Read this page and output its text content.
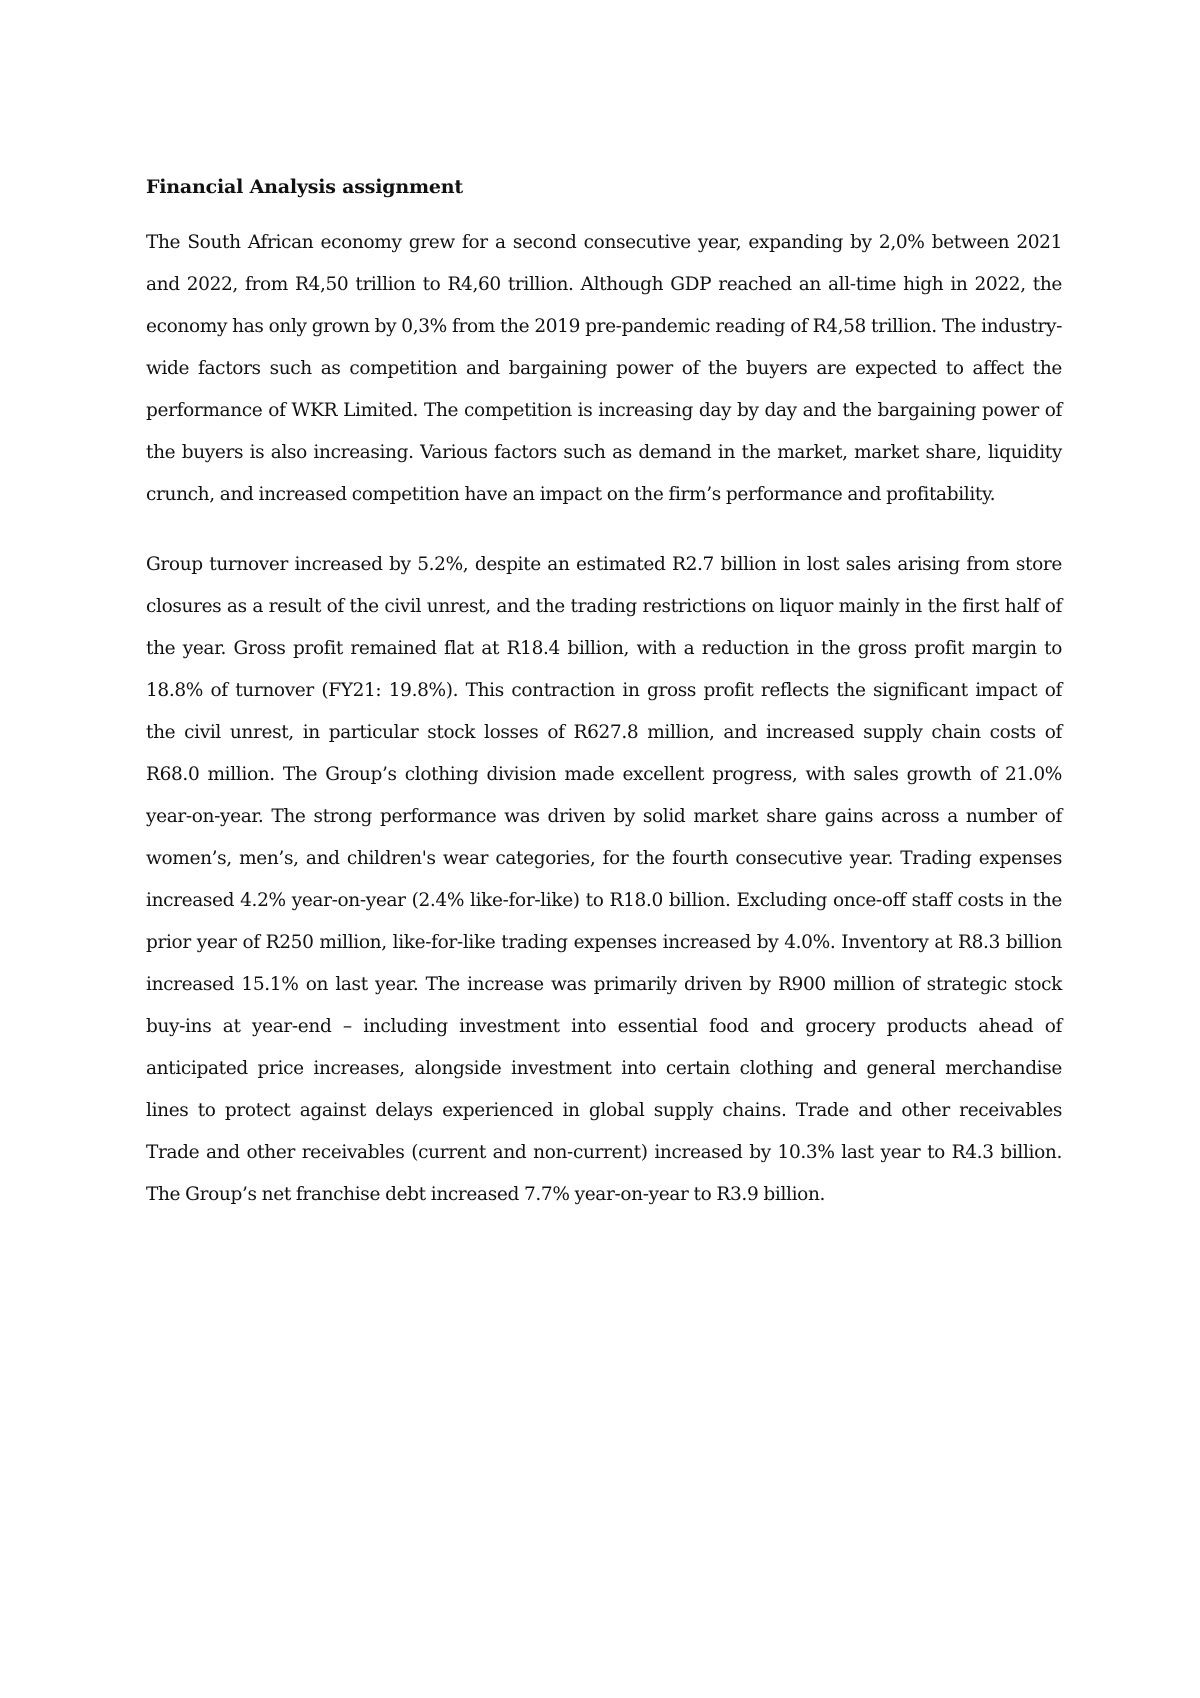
Financial Analysis assignment

The South African economy grew for a second consecutive year, expanding by 2,0% between 2021 and 2022, from R4,50 trillion to R4,60 trillion. Although GDP reached an all-time high in 2022, the economy has only grown by 0,3% from the 2019 pre-pandemic reading of R4,58 trillion. The industry-wide factors such as competition and bargaining power of the buyers are expected to affect the performance of WKR Limited. The competition is increasing day by day and the bargaining power of the buyers is also increasing. Various factors such as demand in the market, market share, liquidity crunch, and increased competition have an impact on the firm’s performance and profitability.

Group turnover increased by 5.2%, despite an estimated R2.7 billion in lost sales arising from store closures as a result of the civil unrest, and the trading restrictions on liquor mainly in the first half of the year. Gross profit remained flat at R18.4 billion, with a reduction in the gross profit margin to 18.8% of turnover (FY21: 19.8%). This contraction in gross profit reflects the significant impact of the civil unrest, in particular stock losses of R627.8 million, and increased supply chain costs of R68.0 million. The Group’s clothing division made excellent progress, with sales growth of 21.0% year-on-year. The strong performance was driven by solid market share gains across a number of women’s, men’s, and children's wear categories, for the fourth consecutive year. Trading expenses increased 4.2% year-on-year (2.4% like-for-like) to R18.0 billion. Excluding once-off staff costs in the prior year of R250 million, like-for-like trading expenses increased by 4.0%. Inventory at R8.3 billion increased 15.1% on last year. The increase was primarily driven by R900 million of strategic stock buy-ins at year-end – including investment into essential food and grocery products ahead of anticipated price increases, alongside investment into certain clothing and general merchandise lines to protect against delays experienced in global supply chains. Trade and other receivables Trade and other receivables (current and non-current) increased by 10.3% last year to R4.3 billion. The Group’s net franchise debt increased 7.7% year-on-year to R3.9 billion.
